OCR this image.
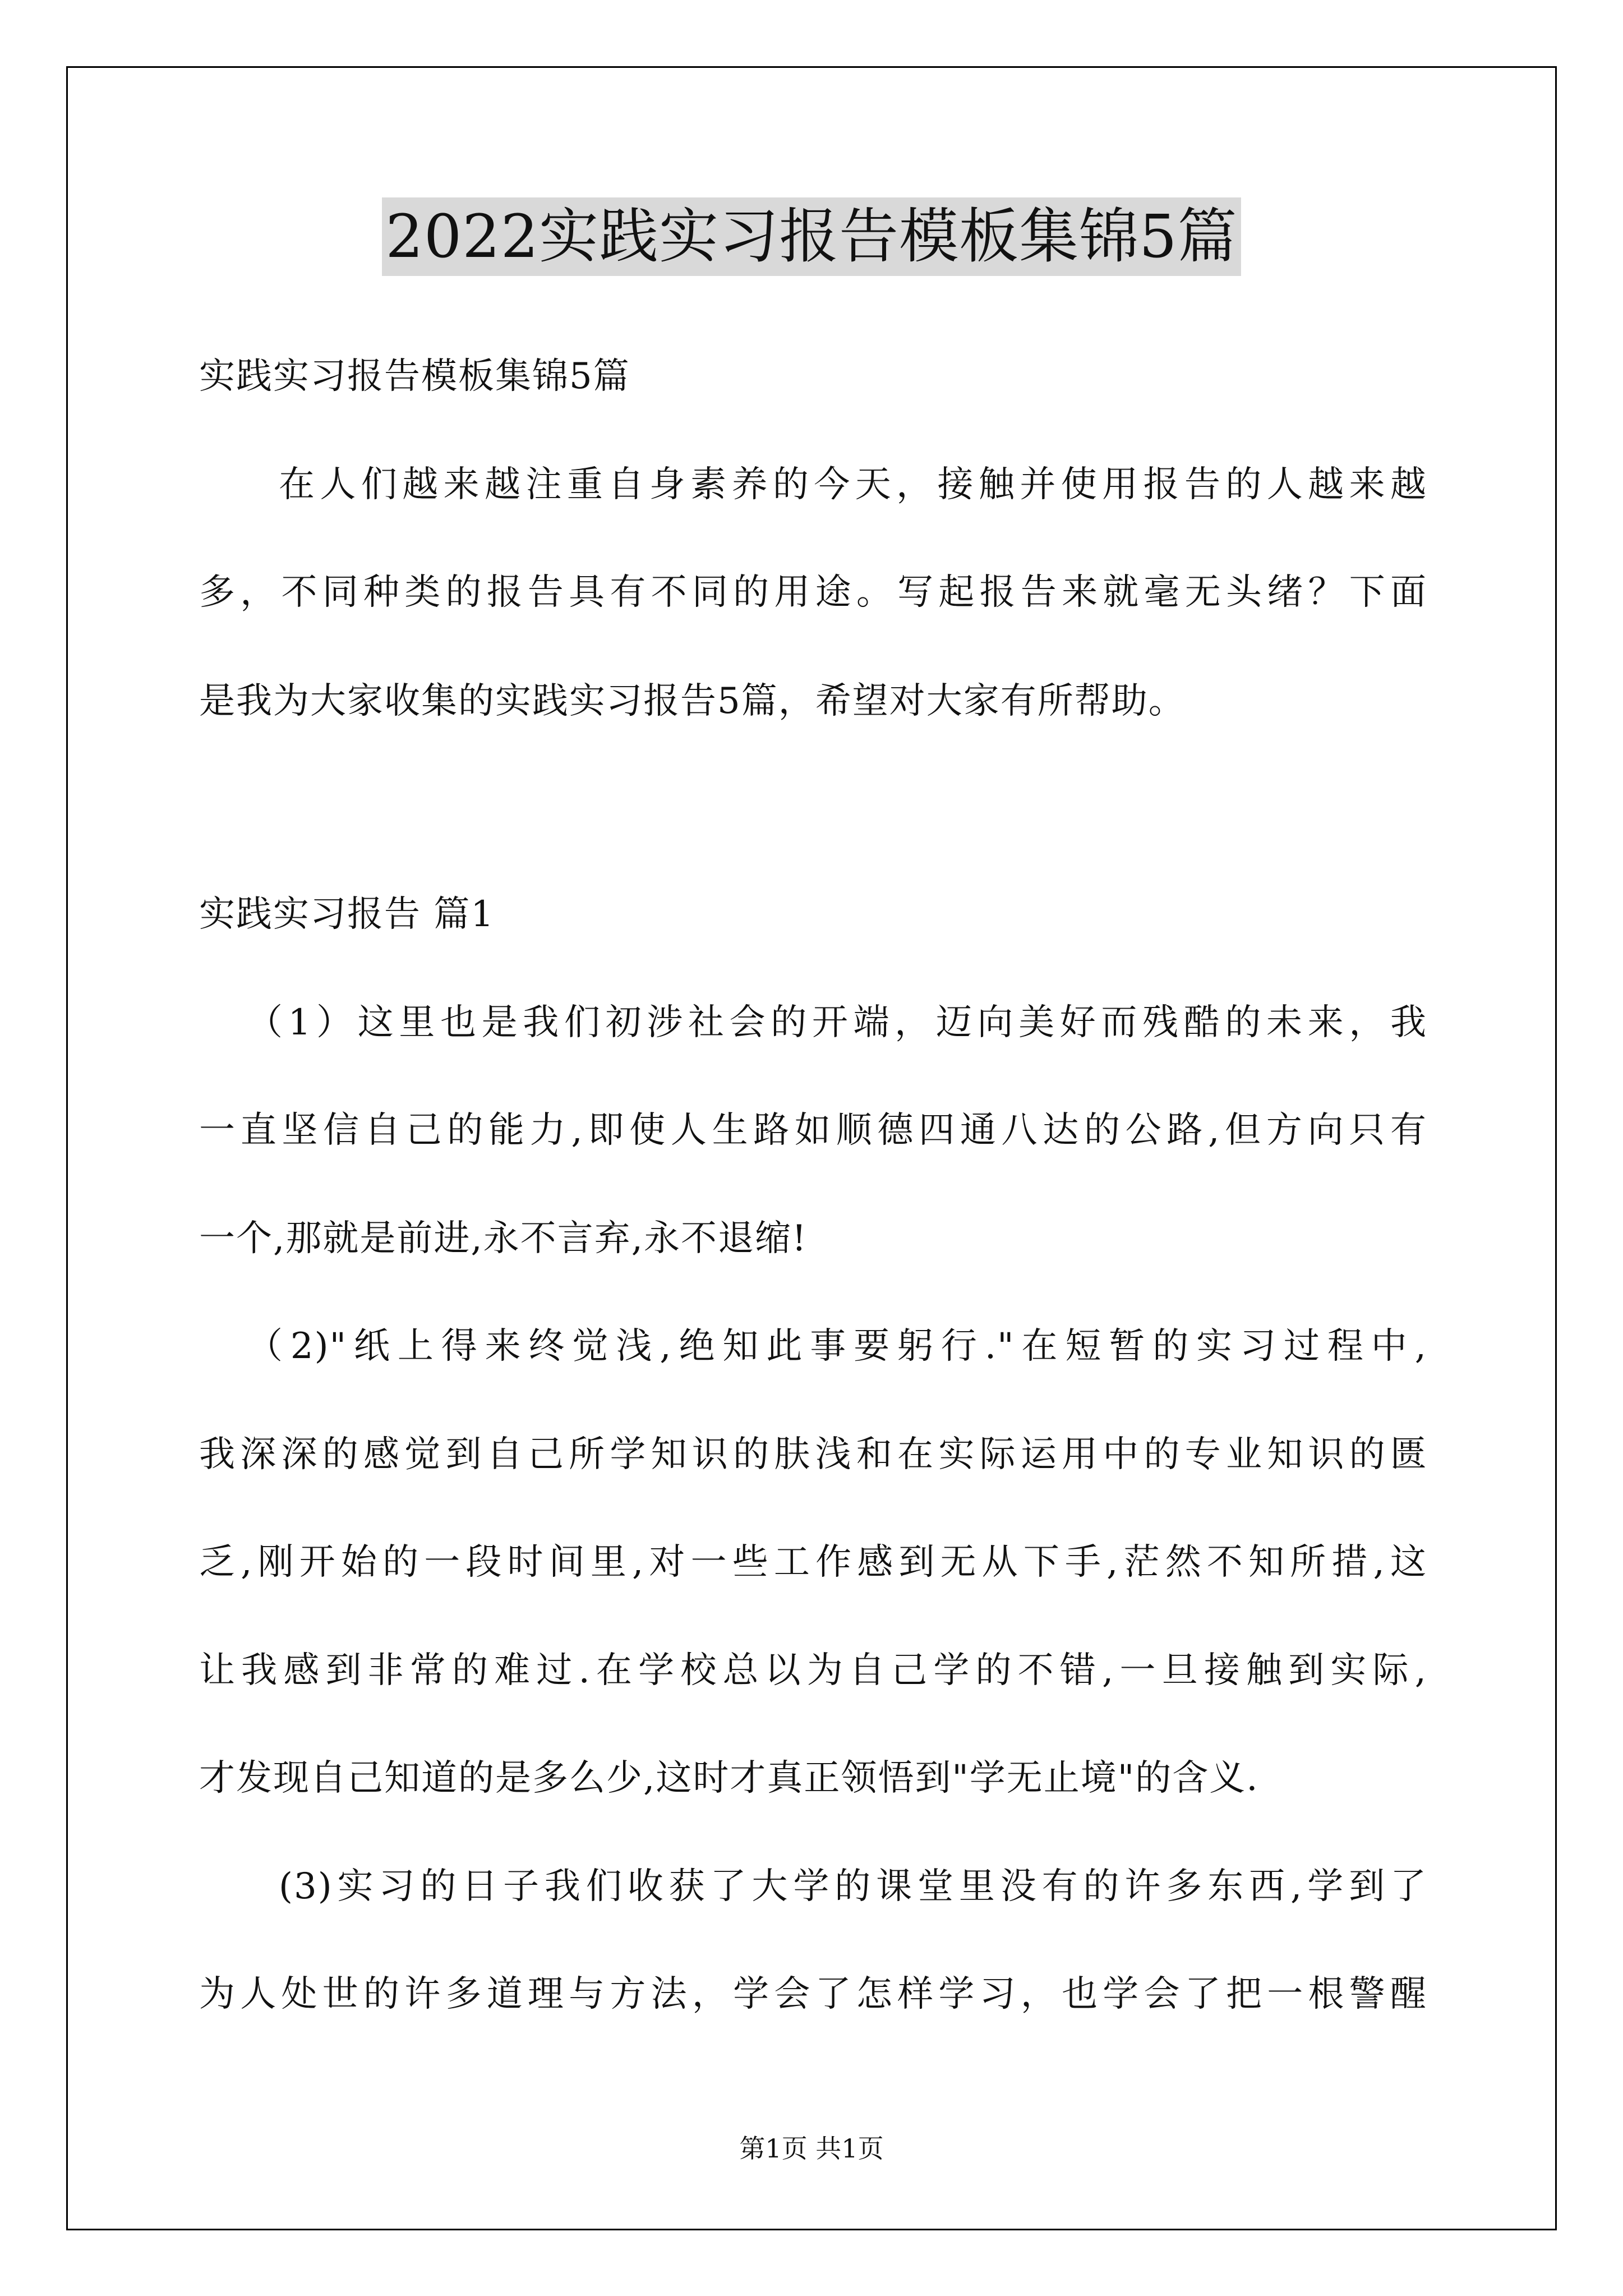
2022实践实习报告模板集锦5篇
实践实习报告模板集锦5篇
在人们越来越注重自身素养的今天，接触并使用报告的人越来越
多，不同种类的报告具有不同的用途。写起报告来就毫无头绪？下面
是我为大家收集的实践实习报告5篇，希望对大家有所帮助。
实践实习报告 篇1
（1）这里也是我们初涉社会的开端，迈向美好而残酷的未来，我
一直坚信自己的能力,即使人生路如顺德四通八达的公路,但方向只有
一个,那就是前进,永不言弃,永不退缩!
（2)"纸上得来终觉浅,绝知此事要躬行."在短暂的实习过程中,
我深深的感觉到自己所学知识的肤浅和在实际运用中的专业知识的匮
乏,刚开始的一段时间里,对一些工作感到无从下手,茫然不知所措,这
让我感到非常的难过.在学校总以为自己学的不错,一旦接触到实际,
才发现自己知道的是多么少,这时才真正领悟到"学无止境"的含义.
(3)实习的日子我们收获了大学的课堂里没有的许多东西,学到了
为人处世的许多道理与方法，学会了怎样学习，也学会了把一根警醒
第1页 共1页
